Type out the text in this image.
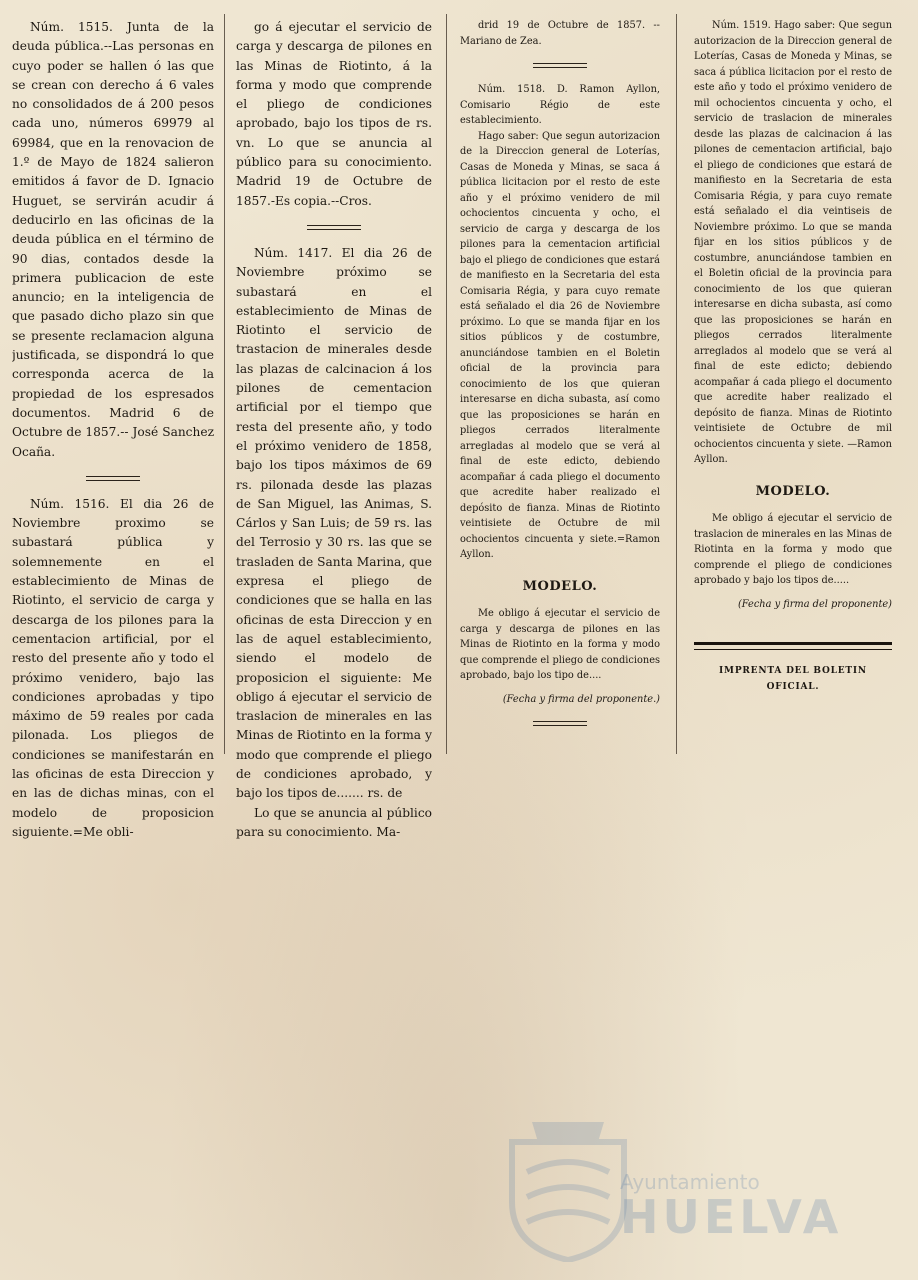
Núm. 1515. Junta de la deuda pública.--Las personas en cuyo poder se hallen ó las que se crean con derecho á 6 vales no consolidados de á 200 pesos cada uno, números 69979 al 69984, que en la renovacion de 1.º de Mayo de 1824 salieron emitidos á favor de D. Ignacio Huguet, se servirán acudir á deducirlo en las oficinas de la deuda pública en el término de 90 dias, contados desde la primera publicacion de este anuncio; en la inteligencia de que pasado dicho plazo sin que se presente reclamacion alguna justificada, se dispondrá lo que corresponda acerca de la propiedad de los espresados documentos. Madrid 6 de Octubre de 1857.-- José Sanchez Ocaña.

Núm. 1516. El dia 26 de Noviembre proximo se subastará pública y solemnemente en el establecimiento de Minas de Riotinto, el servicio de carga y descarga de los pilones para la cementacion artificial, por el resto del presente año y todo el próximo venidero, bajo las condiciones aprobadas y tipo máximo de 59 reales por cada pilonada. Los pliegos de condiciones se manifestarán en las oficinas de esta Direccion y en las de dichas minas, con el modelo de proposicion siguiente.=Me obli-

go á ejecutar el servicio de carga y descarga de pilones en las Minas de Riotinto, á la forma y modo que comprende el pliego de condiciones aprobado, bajo los tipos de rs. vn. Lo que se anuncia al público para su conocimiento. Madrid 19 de Octubre de 1857.-Es copia.--Cros.

Núm. 1417. El dia 26 de Noviembre próximo se subastará en el establecimiento de Minas de Riotinto el servicio de trastacion de minerales desde las plazas de calcinacion á los pilones de cementacion artificial por el tiempo que resta del presente año, y todo el próximo venidero de 1858, bajo los tipos máximos de 69 rs. pilonada desde las plazas de San Miguel, las Animas, S. Cárlos y San Luis; de 59 rs. las del Terrosio y 30 rs. las que se trasladen de Santa Marina, que expresa el pliego de condiciones que se halla en las oficinas de esta Direccion y en las de aquel establecimiento, siendo el modelo de proposicion el siguiente: Me obligo á ejecutar el servicio de traslacion de minerales en las Minas de Riotinto en la forma y modo que comprende el pliego de condiciones aprobado, y bajo los tipos de....... rs. de

Lo que se anuncia al público para su conocimiento. Ma-

drid 19 de Octubre de 1857. --Mariano de Zea.

Núm. 1518. D. Ramon Ayllon, Comisario Régio de este establecimiento.

Hago saber: Que segun autorizacion de la Direccion general de Loterías, Casas de Moneda y Minas, se saca á pública licitacion por el resto de este año y el próximo venidero de mil ochocientos cincuenta y ocho, el servicio de carga y descarga de los pilones para la cementacion artificial bajo el pliego de condiciones que estará de manifiesto en la Secretaria del esta Comisaria Régia, y para cuyo remate está señalado el dia 26 de Noviembre próximo. Lo que se manda fijar en los sitios públicos y de costumbre, anunciándose tambien en el Boletin oficial de la provincia para conocimiento de los que quieran interesarse en dicha subasta, así como que las proposiciones se harán en pliegos cerrados literalmente arregladas al modelo que se verá al final de este edicto, debiendo acompañar á cada pliego el documento que acredite haber realizado el depósito de fianza. Minas de Riotinto veintisiete de Octubre de mil ochocientos cincuenta y siete.=Ramon Ayllon.

MODELO.

Me obligo á ejecutar el servicio de carga y descarga de pilones en las Minas de Riotinto en la forma y modo que comprende el pliego de condiciones aprobado, bajo los tipo de....

(Fecha y firma del proponente.)

Núm. 1519. Hago saber: Que segun autorizacion de la Direccion general de Loterías, Casas de Moneda y Minas, se saca á pública licitacion por el resto de este año y todo el próximo venidero de mil ochocientos cincuenta y ocho, el servicio de traslacion de minerales desde las plazas de calcinacion á las pilones de cementacion artificial, bajo el pliego de condiciones que estará de manifiesto en la Secretaria de esta Comisaria Régia, y para cuyo remate está señalado el dia veintiseis de Noviembre próximo. Lo que se manda fijar en los sitios públicos y de costumbre, anunciándose tambien en el Boletin oficial de la provincia para conocimiento de los que quieran interesarse en dicha subasta, así como que las proposiciones se harán en pliegos cerrados literalmente arreglados al modelo que se verá al final de este edicto; debiendo acompañar á cada pliego el documento que acredite haber realizado el depósito de fianza. Minas de Riotinto veintisiete de Octubre de mil ochocientos cincuenta y siete. —Ramon Ayllon.

MODELO.

Me obligo á ejecutar el servicio de traslacion de minerales en las Minas de Riotinta en la forma y modo que comprende el pliego de condiciones aprobado y bajo los tipos de.....

(Fecha y firma del proponente)

IMPRENTA DEL BOLETIN OFICIAL.
Ayuntamiento
HUELVA
